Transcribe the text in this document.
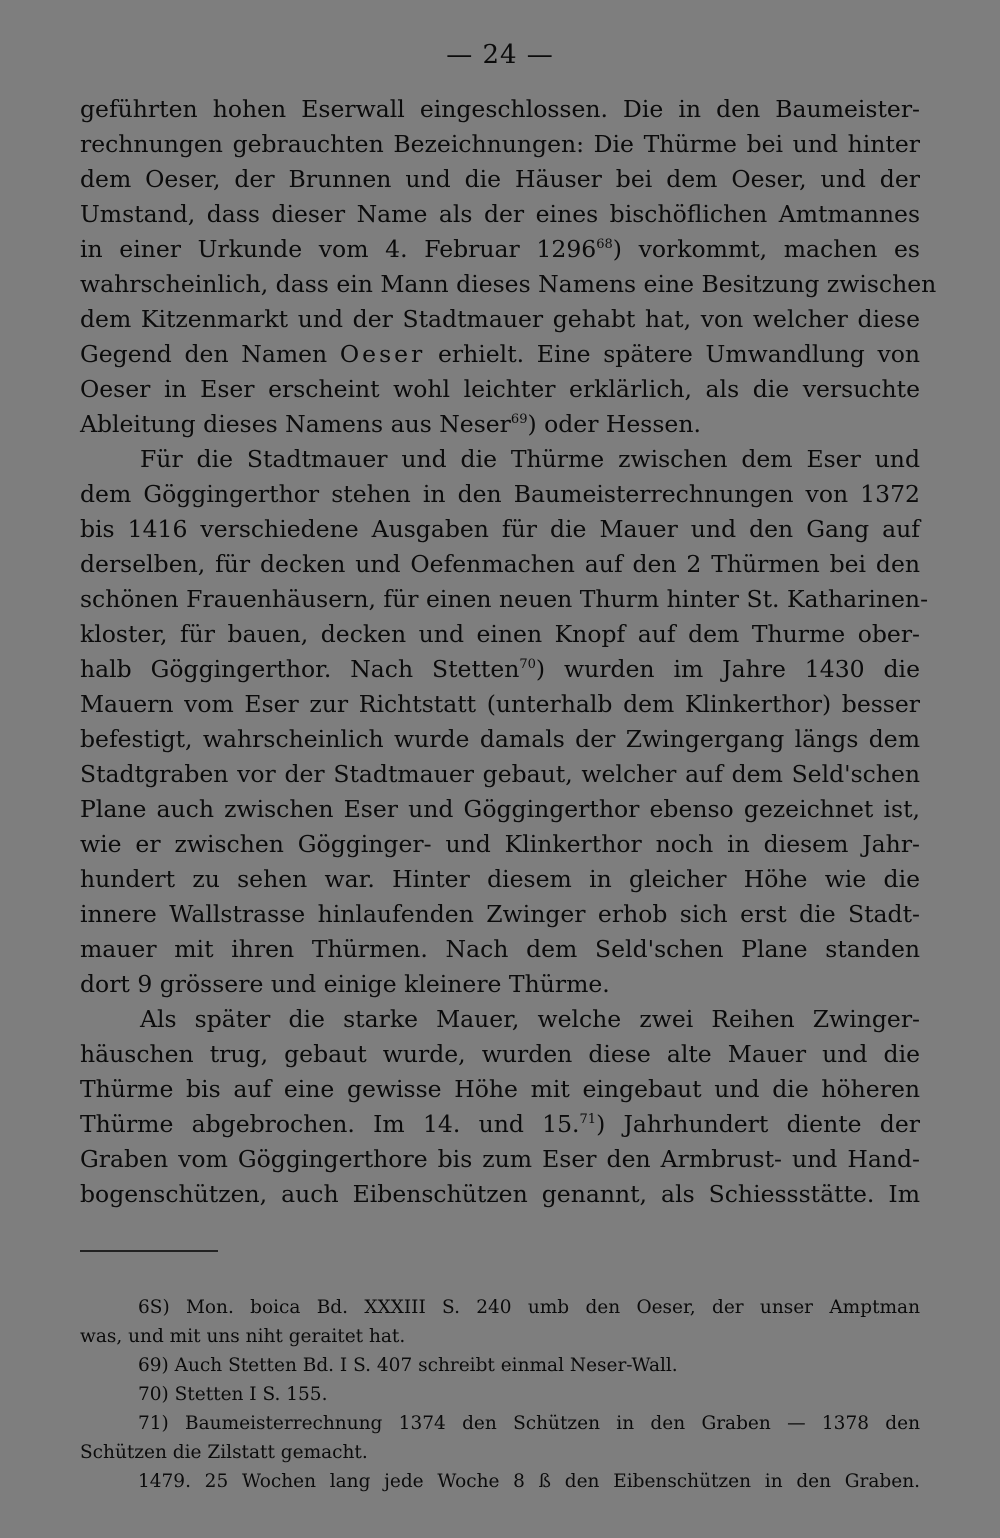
— 24 —
geführten hohen Eserwall eingeschlossen. Die in den Baumeister-
rechnungen gebrauchten Bezeichnungen: Die Thürme bei und hinter
dem Oeser, der Brunnen und die Häuser bei dem Oeser, und der
Umstand, dass dieser Name als der eines bischöflichen Amtmannes
in einer Urkunde vom 4. Februar 1296$^{68}$) vorkommt, machen es
wahrscheinlich, dass ein Mann dieses Namens eine Besitzung zwischen
dem Kitzenmarkt und der Stadtmauer gehabt hat, von welcher diese
Gegend den Namen Oeser erhielt. Eine spätere Umwandlung von
Oeser in Eser erscheint wohl leichter erklärlich, als die versuchte
Ableitung dieses Namens aus Neser$^{69}$) oder Hessen.
Für die Stadtmauer und die Thürme zwischen dem Eser und
dem Göggingerthor stehen in den Baumeisterrechnungen von 1372
bis 1416 verschiedene Ausgaben für die Mauer und den Gang auf
derselben, für decken und Oefenmachen auf den 2 Thürmen bei den
schönen Frauenhäusern, für einen neuen Thurm hinter St. Katharinen-
kloster, für bauen, decken und einen Knopf auf dem Thurme ober-
halb Göggingerthor. Nach Stetten$^{70}$) wurden im Jahre 1430 die
Mauern vom Eser zur Richtstatt (unterhalb dem Klinkerthor) besser
befestigt, wahrscheinlich wurde damals der Zwingergang längs dem
Stadtgraben vor der Stadtmauer gebaut, welcher auf dem Seld'schen
Plane auch zwischen Eser und Göggingerthor ebenso gezeichnet ist,
wie er zwischen Gögginger- und Klinkerthor noch in diesem Jahr-
hundert zu sehen war. Hinter diesem in gleicher Höhe wie die
innere Wallstrasse hinlaufenden Zwinger erhob sich erst die Stadt-
mauer mit ihren Thürmen. Nach dem Seld'schen Plane standen
dort 9 grössere und einige kleinere Thürme.
Als später die starke Mauer, welche zwei Reihen Zwinger-
häuschen trug, gebaut wurde, wurden diese alte Mauer und die
Thürme bis auf eine gewisse Höhe mit eingebaut und die höheren
Thürme abgebrochen. Im 14. und 15.71) Jahrhundert diente der
Graben vom Göggingerthore bis zum Eser den Armbrust- und Hand-
bogenschützen, auch Eibenschützen genannt, als Schiessstätte. Im
6S) Mon. boica Bd. XXXIII S. 240 umb den Oeser, der unser Amptman
was, und mit uns niht geraitet hat.
69) Auch Stetten Bd. I S. 407 schreibt einmal Neser-Wall.
70) Stetten I S. 155.
71) Baumeisterrechnung 1374 den Schützen in den Graben — 1378 den
Schützen die Zilstatt gemacht.
1479. 25 Wochen lang jede Woche 8 ß den Eibenschützen in den Graben.
